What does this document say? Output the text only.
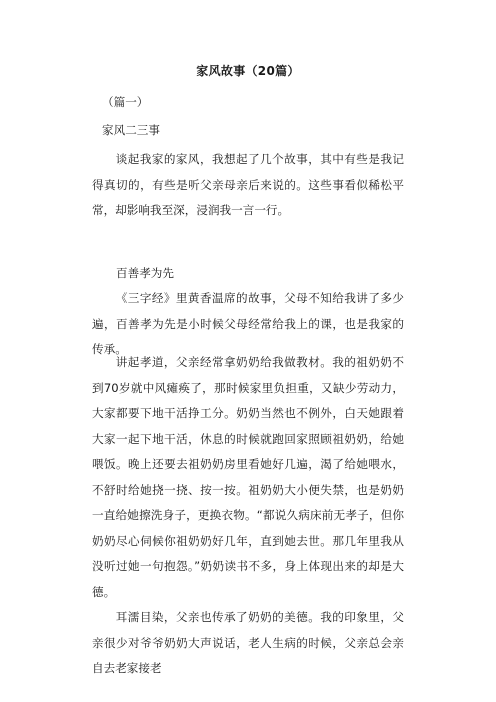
家风故事（20篇）
（篇一）
家风二三事
谈起我家的家风，我想起了几个故事，其中有些是我记得真切的，有些是听父亲母亲后来说的。这些事看似稀松平常，却影响我至深，浸润我一言一行。
百善孝为先
《三字经》里黄香温席的故事，父母不知给我讲了多少遍，百善孝为先是小时候父母经常给我上的课，也是我家的传承。
讲起孝道，父亲经常拿奶奶给我做教材。我的祖奶奶不到70岁就中风瘫痪了，那时候家里负担重，又缺少劳动力，大家都要下地干活挣工分。奶奶当然也不例外，白天她跟着大家一起下地干活，休息的时候就跑回家照顾祖奶奶，给她喂饭。晚上还要去祖奶奶房里看她好几遍，渴了给她喂水，不舒时给她挠一挠、按一按。祖奶奶大小便失禁，也是奶奶一直给她擦洗身子，更换衣物。“都说久病床前无孝子，但你奶奶尽心伺候你祖奶奶好几年，直到她去世。那几年里我从没听过她一句抱怨。”奶奶读书不多，身上体现出来的却是大德。
耳濡目染，父亲也传承了奶奶的美德。我的印象里，父亲很少对爷爷奶奶大声说话，老人生病的时候，父亲总会亲自去老家接老
